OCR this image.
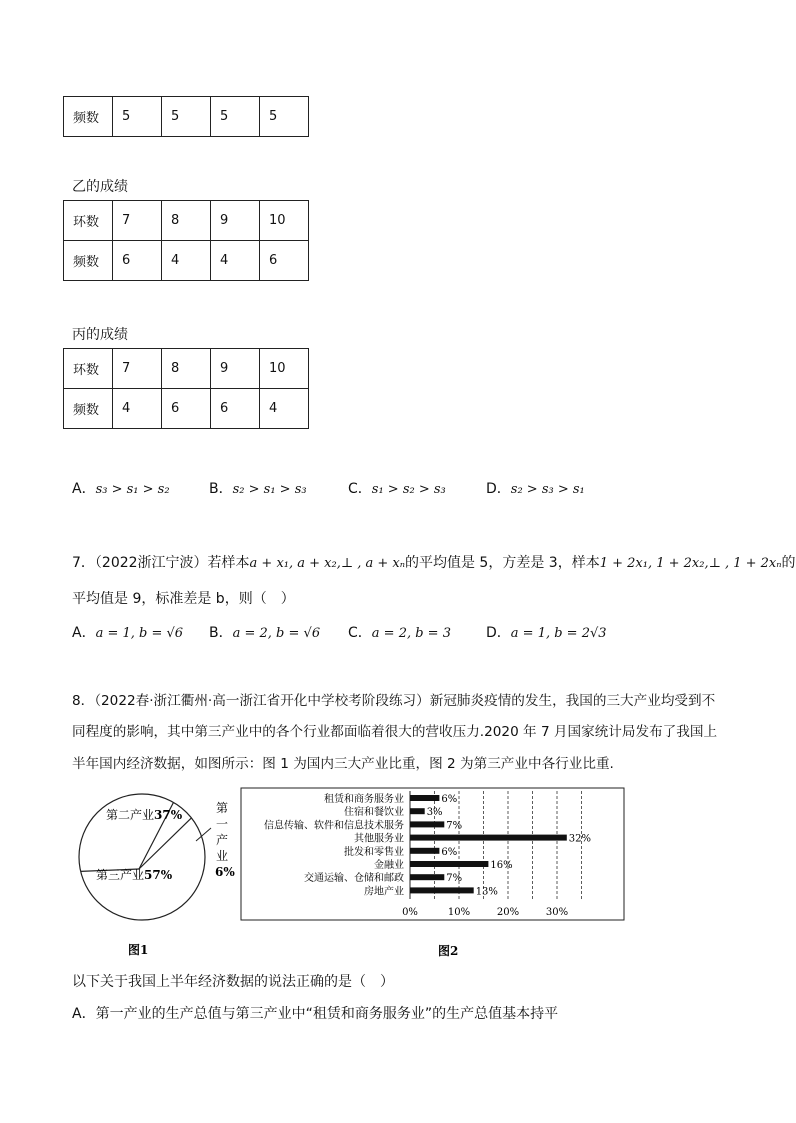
频数	5	5	5	5
乙的成绩
环数	7	8	9	10
频数	6	4	4	6
丙的成绩
环数	7	8	9	10
频数	4	6	6	4
A．s₃ > s₁ > s₂	B．s₂ > s₁ > s₃	C．s₁ > s₂ > s₃	D．s₂ > s₃ > s₁
7．（2022浙江宁波）若样本a + x₁, a + x₂,⊥ , a + xₙ的平均值是 5，方差是 3，样本1 + 2x₁, 1 + 2x₂,⊥ , 1 + 2xₙ的
平均值是 9，标准差是 b，则（　）
A．a = 1, b = √6 B．a = 2, b = √6 C．a = 2, b = 3	D．a = 1, b = 2√3
8．（2022春·浙江衢州·高一浙江省开化中学校考阶段练习）新冠肺炎疫情的发生，我国的三大产业均受到不
同程度的影响，其中第三产业中的各个行业都面临着很大的营收压力.2020 年 7 月国家统计局发布了我国上
半年国内经济数据，如图所示：图 1 为国内三大产业比重，图 2 为第三产业中各行业比重.
第二产业37%
第三产业57%
第 一 产 业
6%
图1
租赁和商务服务业
住宿和餐饮业
信息传输、软件和信息技术服务
其他服务业
批发和零售业
金融业
交通运输、仓储和邮政
房地产业
6%
3%
7%
32%
6%
16%
7%
13%
0%	10%	20%	30%
图2
以下关于我国上半年经济数据的说法正确的是（　）
A．第一产业的生产总值与第三产业中“租赁和商务服务业”的生产总值基本持平
